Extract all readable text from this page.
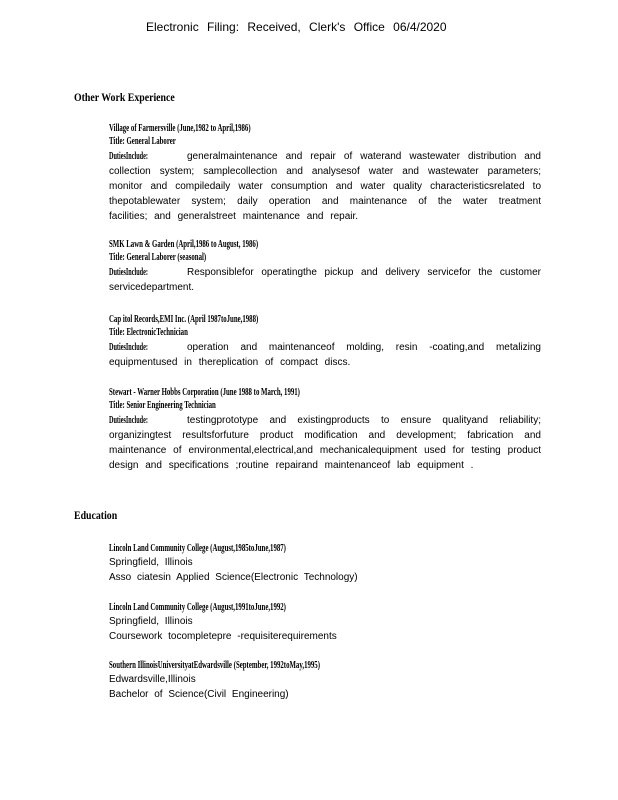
Electronic Filing: Received, Clerk's Office 06/4/2020
Other Work Experience
Village of Farmersville (June,1982 to April,1986)
Title: General Laborer
DutiesInclude:	generalmaintenance and repair of waterand wastewater distribution and collection system; samplecollection and analysesof water and wastewater parameters; monitor and compiledaily water consumption and water quality characteristicsrelated to thepotablewater system; daily operation and maintenance of the water treatment facilities; and generalstreet maintenance and repair.
SMK Lawn & Garden (April,1986 to August, 1986)
Title: General Laborer (seasonal)
DutiesInclude:	Responsiblefor operatingthe pickup and delivery servicefor the customer servicedepartment.
Cap itol Records,EMI Inc. (April 1987toJune,1988)
Title: ElectronicTechnician
DutiesInclude:	operation and maintenanceof molding, resin -coating,and metalizing equipmentused in thereplication of compact discs.
Stewart - Warner Hobbs Corporation (June 1988 to March, 1991)
Title: Senior Engineering Technician
DutiesInclude:	testingprototype and existingproducts to ensure qualityand reliability; organizingtest resultsforfuture product modification and development; fabrication and maintenance of environmental,electrical,and mechanicalequipment used for testing product design and specifications ;routine repairand maintenanceof lab equipment .
Education
Lincoln Land Community College (August,1985toJune,1987)
Springfield, Illinois
Asso ciatesin Applied Science(Electronic Technology)
Lincoln Land Community College (August,1991toJune,1992)
Springfield, Illinois
Coursework tocompletepre -requisiterequirements
Southern IllinoisUniversityatEdwardsville (September, 1992toMay,1995)
Edwardsville,Illinois
Bachelor of Science(Civil Engineering)
